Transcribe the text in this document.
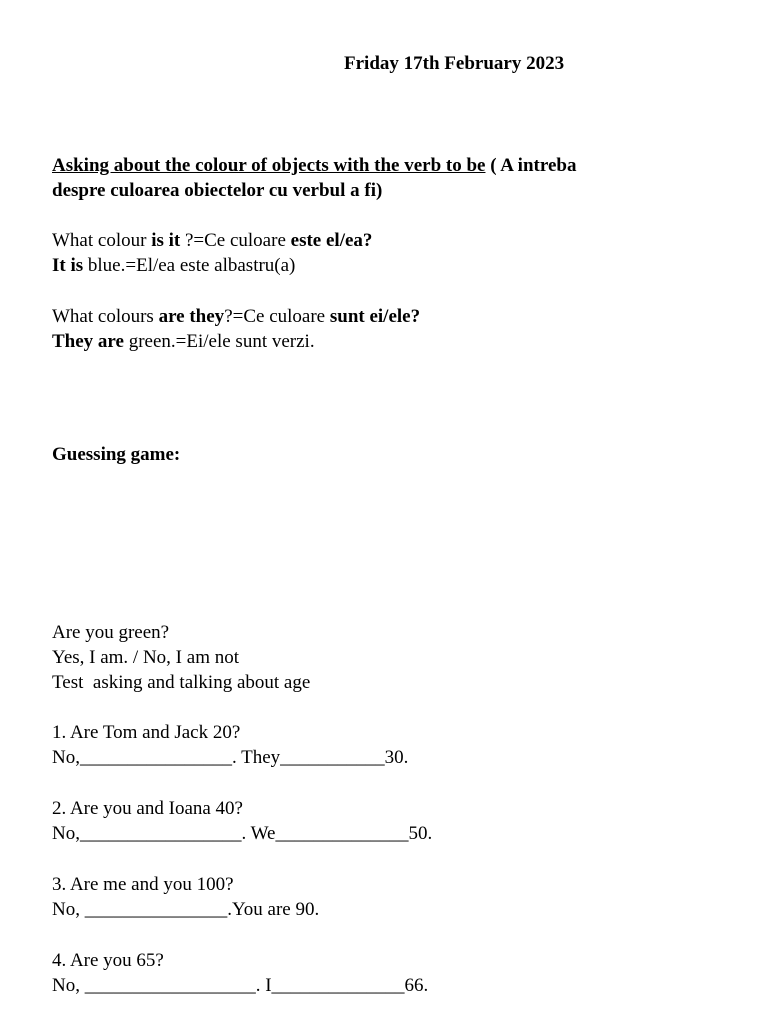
Friday 17th February 2023
Asking about the colour of objects with the verb to be ( A intreba
despre culoarea obiectelor cu verbul a fi)
What colour is it ?=Ce culoare este el/ea?
It is blue.=El/ea este albastru(a)
What colours are they?=Ce culoare sunt ei/ele?
They are green.=Ei/ele sunt verzi.
Guessing game:
Are you green?
Yes, I am. / No, I am not
Test  asking and talking about age
1. Are Tom and Jack 20?
No,________________. They___________30.
2. Are you and Ioana 40?
No,_________________. We______________50.
3. Are me and you 100?
No, _______________.You are 90.
4. Are you 65?
No, __________________. I______________66.
